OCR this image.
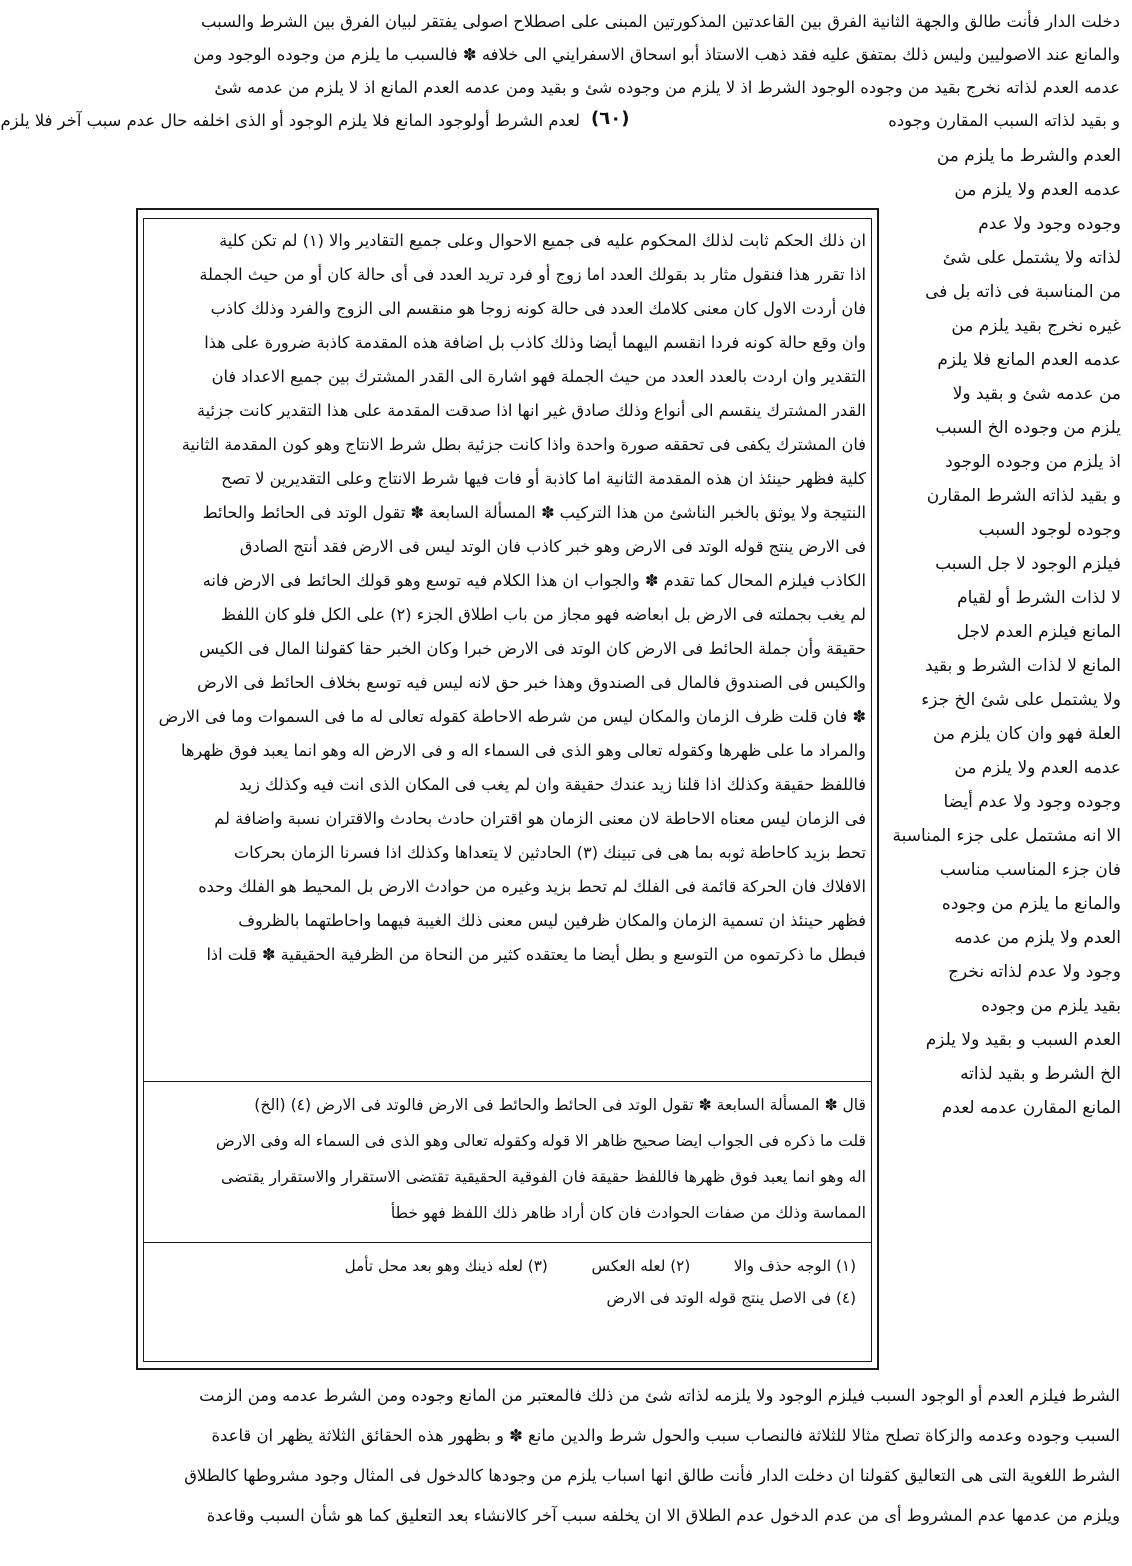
دخلت الدار فأنت طالق والجهة الثانية الفرق بين القاعدتين المذكورتين المبنى على اصطلاح اصولى يفتقر لبيان الفرق بين الشرط والسبب
والمانع عند الاصوليين وليس ذلك بمتفق عليه فقد ذهب الاستاذ أبو اسحاق الاسفرايني الى خلافه ✽ فالسبب ما يلزم من وجوده الوجود ومن
عدمه العدم لذاته نخرج بقيد من وجوده الوجود الشرط اذ لا يلزم من وجوده شئ و بقيد ومن عدمه العدم المانع اذ لا يلزم من عدمه شئ
و بقيد لذاته السبب المقارن وجوده
(٦٠)
لعدم الشرط أولوجود المانع فلا يلزم الوجود أو الذى اخلفه حال عدم سبب آخر فلا يلزم
العدم والشرط ما يلزم من
عدمه العدم ولا يلزم من
وجوده وجود ولا عدم
لذاته ولا يشتمل على شئ
من المناسبة فى ذاته بل فى
غيره نخرج بقيد يلزم من
عدمه العدم المانع فلا يلزم
من عدمه شئ و بقيد ولا
يلزم من وجوده الخ السبب
اذ يلزم من وجوده الوجود
و بقيد لذاته الشرط المقارن
وجوده لوجود السبب
فيلزم الوجود لا جل السبب
لا لذات الشرط أو لقيام
المانع فيلزم العدم لاجل
المانع لا لذات الشرط و بقيد
ولا يشتمل على شئ الخ جزء
العلة فهو وان كان يلزم من
عدمه العدم ولا يلزم من
وجوده وجود ولا عدم أيضا
الا انه مشتمل على جزء المناسبة
فان جزء المناسب مناسب
والمانع ما يلزم من وجوده
العدم ولا يلزم من عدمه
وجود ولا عدم لذاته نخرج
بقيد يلزم من وجوده
العدم السبب و بقيد ولا يلزم
الخ الشرط و بقيد لذاته
المانع المقارن عدمه لعدم
ان ذلك الحكم ثابت لذلك المحكوم عليه فى جميع الاحوال وعلى جميع التقادير والا (١) لم تكن كلية
اذا تقرر هذا فنقول مثار بد بقولك العدد اما زوج أو فرد تريد العدد فى أى حالة كان أو من حيث الجملة
فان أردت الاول كان معنى كلامك العدد فى حالة كونه زوجا هو منقسم الى الزوج والفرد وذلك كاذب
وان وقع حالة كونه فردا انقسم اليهما أيضا وذلك كاذب بل اضافة هذه المقدمة كاذبة ضرورة على هذا
التقدير وان اردت بالعدد العدد من حيث الجملة فهو اشارة الى القدر المشترك بين جميع الاعداد فان
القدر المشترك ينقسم الى أنواع وذلك صادق غير انها اذا صدقت المقدمة على هذا التقدير كانت جزئية
فان المشترك يكفى فى تحققه صورة واحدة واذا كانت جزئية بطل شرط الانتاج وهو كون المقدمة الثانية
كلية فظهر حينئذ ان هذه المقدمة الثانية اما كاذبة أو فات فيها شرط الانتاج وعلى التقديرين لا تصح
النتيجة ولا يوثق بالخبر الناشئ من هذا التركيب ✽ المسألة السابعة ✽ تقول الوتد فى الحائط والحائط
فى الارض ينتج قوله الوتد فى الارض وهو خبر كاذب فان الوتد ليس فى الارض فقد أنتج الصادق
الكاذب فيلزم المحال كما تقدم ✽ والجواب ان هذا الكلام فيه توسع وهو قولك الحائط فى الارض فانه
لم يغب بجملته فى الارض بل ابعاضه فهو مجاز من باب اطلاق الجزء (٢) على الكل فلو كان اللفظ
حقيقة وأن جملة الحائط فى الارض كان الوتد فى الارض خبرا وكان الخبر حقا كقولنا المال فى الكيس
والكيس فى الصندوق فالمال فى الصندوق وهذا خبر حق لانه ليس فيه توسع بخلاف الحائط فى الارض
✽ فان قلت ظرف الزمان والمكان ليس من شرطه الاحاطة كقوله تعالى له ما فى السموات وما فى الارض
والمراد ما على ظهرها وكقوله تعالى وهو الذى فى السماء اله و فى الارض اله وهو انما يعبد فوق ظهرها
فاللفظ حقيقة وكذلك اذا قلنا زيد عندك حقيقة وان لم يغب فى المكان الذى انت فيه وكذلك زيد
فى الزمان ليس معناه الاحاطة لان معنى الزمان هو اقتران حادث بحادث والاقتران نسبة واضافة لم
تحط بزيد كاحاطة ثوبه بما هى فى تبينك (٣) الحادثين لا يتعداها وكذلك اذا فسرنا الزمان بحركات
الافلاك فان الحركة قائمة فى الفلك لم تحط بزيد وغيره من حوادث الارض بل المحيط هو الفلك وحده
فظهر حينئذ ان تسمية الزمان والمكان ظرفين ليس معنى ذلك الغيبة فيهما واحاطتهما بالظروف
فبطل ما ذكرتموه من التوسع و بطل أيضا ما يعتقده كثير من النحاة من الظرفية الحقيقية ✽ قلت اذا
قال ✽ المسألة السابعة ✽ تقول الوتد فى الحائط والحائط فى الارض فالوتد فى الارض (٤) (الخ)
قلت ما ذكره فى الجواب ايضا صحيح ظاهر الا قوله وكقوله تعالى وهو الذى فى السماء اله وفى الارض
اله وهو انما يعبد فوق ظهرها فاللفظ حقيقة فان الفوقية الحقيقية تقتضى الاستقرار والاستقرار يقتضى
المماسة وذلك من صفات الحوادث فان كان أراد ظاهر ذلك اللفظ فهو خطأ
(١) الوجه حذف والا  (٢) لعله العكس  (٣) لعله ذينك وهو بعد محل تأمل
(٤) فى الاصل ينتج قوله الوتد فى الارض
الشرط فيلزم العدم أو الوجود السبب فيلزم الوجود ولا يلزمه لذاته شئ من ذلك فالمعتبر من المانع وجوده ومن الشرط عدمه ومن الزمت
السبب وجوده وعدمه والزكاة تصلح مثالا للثلاثة فالنصاب سبب والحول شرط والدين مانع ✽ و بظهور هذه الحقائق الثلاثة يظهر ان قاعدة
الشرط اللغوية التى هى التعاليق كقولنا ان دخلت الدار فأنت طالق انها اسباب يلزم من وجودها كالدخول فى المثال وجود مشروطها كالطلاق
ويلزم من عدمها عدم المشروط أى من عدم الدخول عدم الطلاق الا ان يخلفه سبب آخر كالانشاء بعد التعليق كما هو شأن السبب وقاعدة
